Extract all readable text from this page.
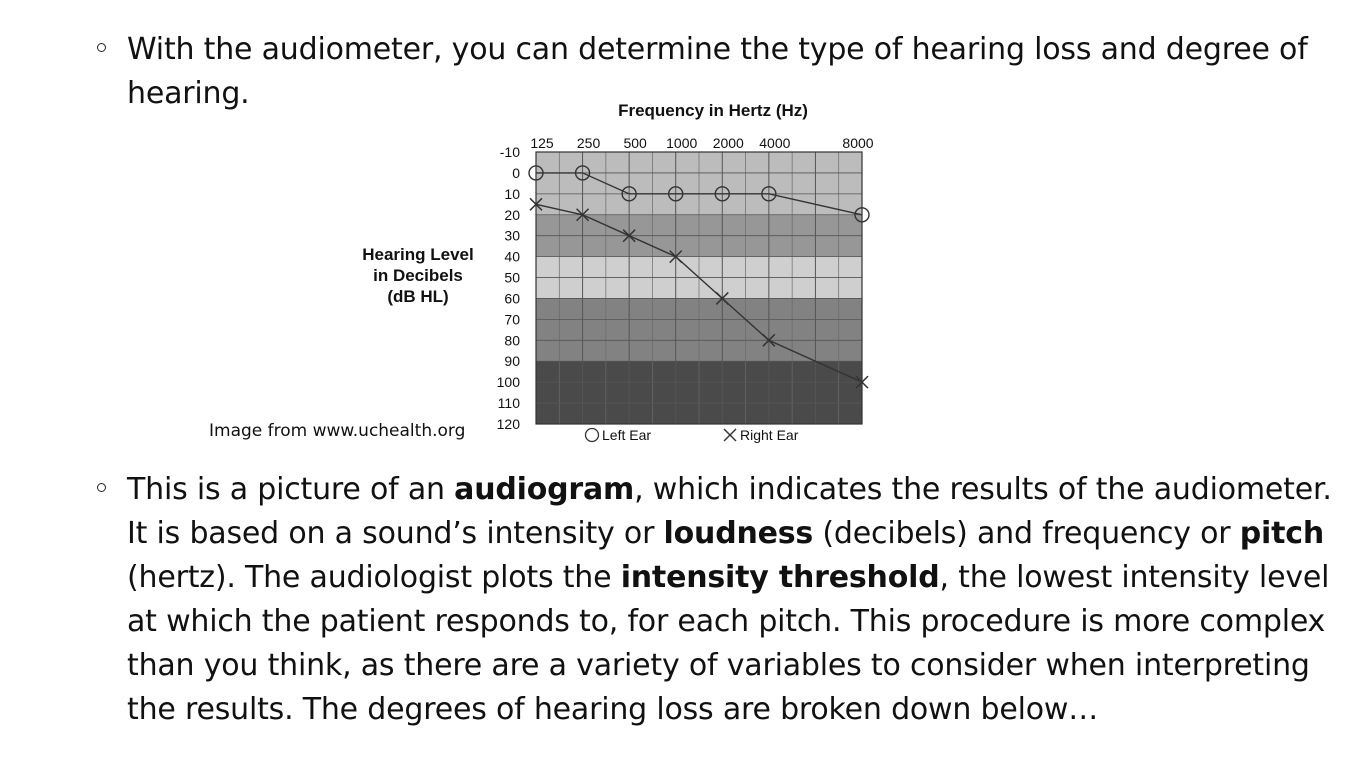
With the audiometer, you can determine the type of hearing loss and degree of hearing.	Frequency in Hertz (Hz)
125 250 500 1000 2000 4000	8000
-10
0
10
20
30
40
50
60
70
80
90
100
110
120
Hearing Level
in Decibels
(dB HL)
Left Ear	Right Ear
Image from www.uchealth.org
This is a picture of an audiogram, which indicates the results of the audiometer. It is based on a sound’s intensity or loudness (decibels) and frequency or pitch (hertz). The audiologist plots the intensity threshold, the lowest intensity level at which the patient responds to, for each pitch. This procedure is more complex than you think, as there are a variety of variables to consider when interpreting the results. The degrees of hearing loss are broken down below…
